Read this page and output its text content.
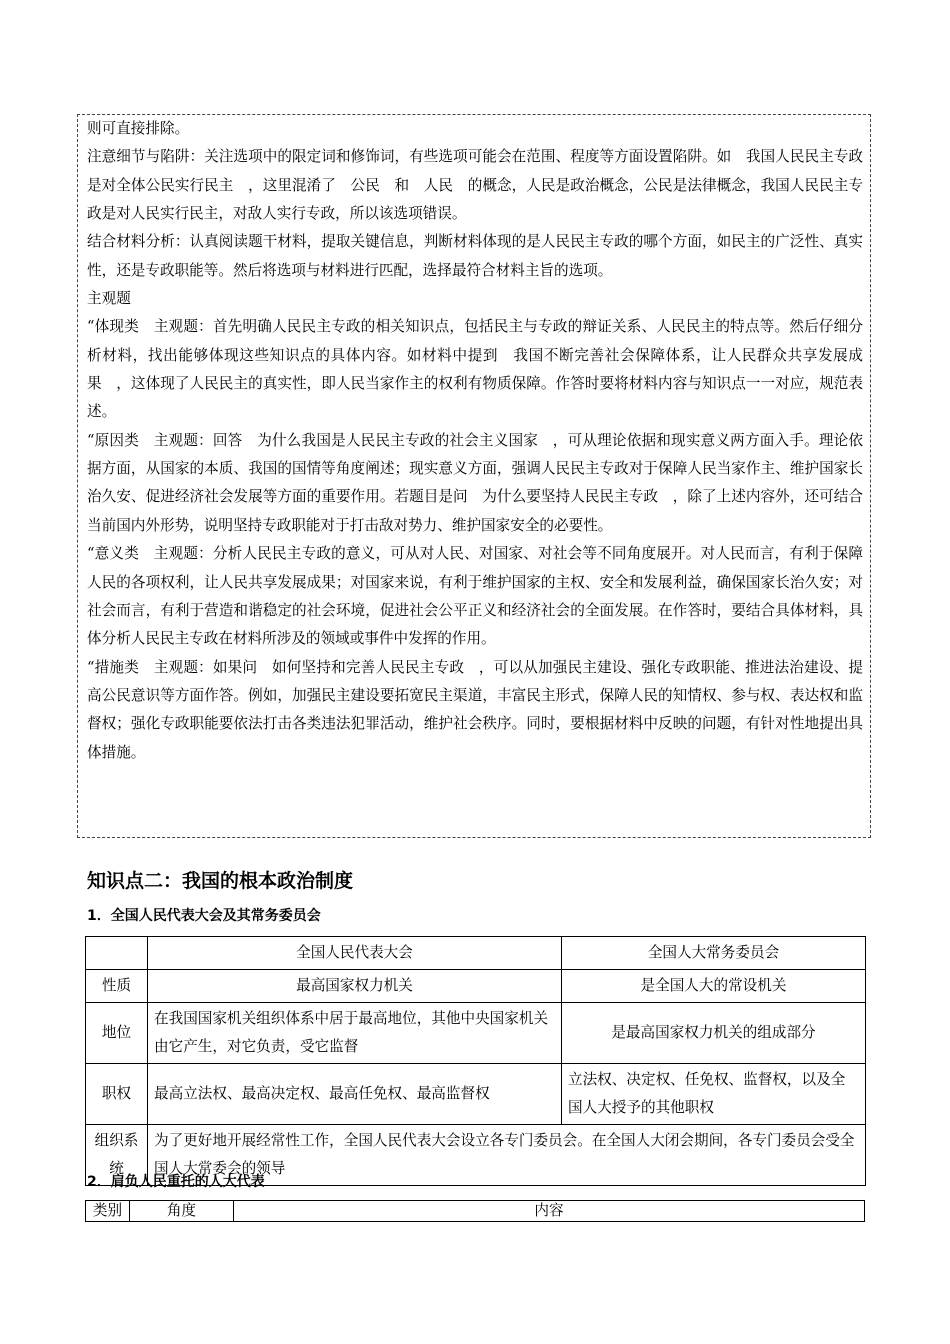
则可直接排除。

注意细节与陷阱：关注选项中的限定词和修饰词，有些选项可能会在范围、程度等方面设置陷阱。如　我国人民民主专政是对全体公民实行民主　，这里混淆了　公民　和　人民　的概念，人民是政治概念，公民是法律概念，我国人民民主专政是对人民实行民主，对敌人实行专政，所以该选项错误。

结合材料分析：认真阅读题干材料，提取关键信息，判断材料体现的是人民民主专政的哪个方面，如民主的广泛性、真实性，还是专政职能等。然后将选项与材料进行匹配，选择最符合材料主旨的选项。

主观题

“体现类　主观题：首先明确人民民主专政的相关知识点，包括民主与专政的辩证关系、人民民主的特点等。然后仔细分析材料，找出能够体现这些知识点的具体内容。如材料中提到　我国不断完善社会保障体系，让人民群众共享发展成果　，这体现了人民民主的真实性，即人民当家作主的权利有物质保障。作答时要将材料内容与知识点一一对应，规范表述。

“原因类　主观题：回答　为什么我国是人民民主专政的社会主义国家　，可从理论依据和现实意义两方面入手。理论依据方面，从国家的本质、我国的国情等角度阐述；现实意义方面，强调人民民主专政对于保障人民当家作主、维护国家长治久安、促进经济社会发展等方面的重要作用。若题目是问　为什么要坚持人民民主专政　，除了上述内容外，还可结合当前国内外形势，说明坚持专政职能对于打击敌对势力、维护国家安全的必要性。

“意义类　主观题：分析人民民主专政的意义，可从对人民、对国家、对社会等不同角度展开。对人民而言，有利于保障人民的各项权利，让人民共享发展成果；对国家来说，有利于维护国家的主权、安全和发展利益，确保国家长治久安；对社会而言，有利于营造和谐稳定的社会环境，促进社会公平正义和经济社会的全面发展。在作答时，要结合具体材料，具体分析人民民主专政在材料所涉及的领域或事件中发挥的作用。

“措施类　主观题：如果问　如何坚持和完善人民民主专政　，可以从加强民主建设、强化专政职能、推进法治建设、提高公民意识等方面作答。例如，加强民主建设要拓宽民主渠道，丰富民主形式，保障人民的知情权、参与权、表达权和监督权；强化专政职能要依法打击各类违法犯罪活动，维护社会秩序。同时，要根据材料中反映的问题，有针对性地提出具体措施。

知识点二：我国的根本政治制度
1．全国人民代表大会及其常务委员会
	全国人民代表大会	全国人大常务委员会
性质	最高国家权力机关	是全国人大的常设机关
地位	在我国国家机关组织体系中居于最高地位，其他中央国家机关由它产生，对它负责，受它监督	是最高国家权力机关的组成部分
职权	最高立法权、最高决定权、最高任免权、最高监督权	立法权、决定权、任免权、监督权，以及全国人大授予的其他职权
组织系统	为了更好地开展经常性工作，全国人民代表大会设立各专门委员会。在全国人大闭会期间，各专门委员会受全国人大常委会的领导	
2．肩负人民重托的人大代表
类别	角度	内容
